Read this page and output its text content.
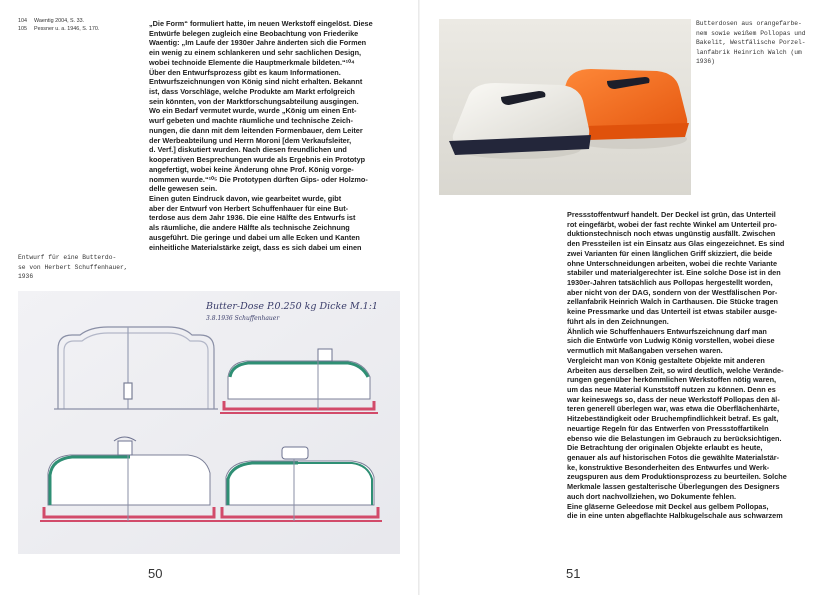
104	Waentig 2004, S. 33.
105	Pessner u. a. 1946, S. 170.
„Die Form“ formuliert hatte, im neuen Werkstoff eingelöst. Diese
Entwürfe belegen zugleich eine Beobachtung von Friederike
Waentig: „Im Laufe der 1930er Jahre änderten sich die Formen
ein wenig zu einem schlankeren und sehr sachlichen Design,
wobei technoide Elemente die Hauptmerkmale bildeten.“¹⁰⁴
Über den Entwurfsprozess gibt es kaum Informationen.
Entwurfszeichnungen von König sind nicht erhalten. Bekannt
ist, dass Vorschläge, welche Produkte am Markt erfolgreich
sein könnten, von der Marktforschungsabteilung ausgingen.
Wo ein Bedarf vermutet wurde, wurde „König um einen Ent-
wurf gebeten und machte räumliche und technische Zeich-
nungen, die dann mit dem leitenden Formenbauer, dem Leiter
der Werbeabteilung und Herrn Moroni [dem Verkaufsleiter,
d. Verf.] diskutiert wurden. Nach diesen freundlichen und
kooperativen Besprechungen wurde als Ergebnis ein Prototyp
angefertigt, wobei keine Änderung ohne Prof. König vorge-
nommen wurde.“¹⁰⁵ Die Prototypen dürften Gips- oder Holzmo-
delle gewesen sein.
Einen guten Eindruck davon, wie gearbeitet wurde, gibt
aber der Entwurf von Herbert Schuffenhauer für eine But-
terdose aus dem Jahr 1936. Die eine Hälfte des Entwurfs ist
als räumliche, die andere Hälfte als technische Zeichnung
ausgeführt. Die geringe und dabei um alle Ecken und Kanten
einheitliche Materialstärke zeigt, dass es sich dabei um einen
Entwurf für eine Butterdo-
se von Herbert Schuffenhauer,
1936
Butter-Dose P.0.250 kg Dicke M.1:1
3.8.1936 Schuffenhauer
50
Butterdosen aus orangefarbe-
nem sowie weißem Pollopas und
Bakelit, Westfälische Porzel-
lanfabrik Heinrich Walch (um
1936)
Pressstoffentwurf handelt. Der Deckel ist grün, das Unterteil
rot eingefärbt, wobei der fast rechte Winkel am Unterteil pro-
duktionstechnisch noch etwas ungünstig ausfällt. Zwischen
den Pressteilen ist ein Einsatz aus Glas eingezeichnet. Es sind
zwei Varianten für einen länglichen Griff skizziert, die beide
ohne Unterschneidungen arbeiten, wobei die rechte Variante
stabiler und materialgerechter ist. Eine solche Dose ist in den
1930er-Jahren tatsächlich aus Pollopas hergestellt worden,
aber nicht von der DAG, sondern von der Westfälischen Por-
zellanfabrik Heinrich Walch in Carthausen. Die Stücke tragen
keine Pressmarke und das Unterteil ist etwas stabiler ausge-
führt als in den Zeichnungen.
Ähnlich wie Schuffenhauers Entwurfszeichnung darf man
sich die Entwürfe von Ludwig König vorstellen, wobei diese
vermutlich mit Maßangaben versehen waren.
Vergleicht man von König gestaltete Objekte mit anderen
Arbeiten aus derselben Zeit, so wird deutlich, welche Verände-
rungen gegenüber herkömmlichen Werkstoffen nötig waren,
um das neue Material Kunststoff nutzen zu können. Denn es
war keineswegs so, dass der neue Werkstoff Pollopas den äl-
teren generell überlegen war, was etwa die Oberflächenhärte,
Hitzebeständigkeit oder Bruchempfindlichkeit betraf. Es galt,
neuartige Regeln für das Entwerfen von Pressstoffartikeln
ebenso wie die Belastungen im Gebrauch zu berücksichtigen.
Die Betrachtung der originalen Objekte erlaubt es heute,
genauer als auf historischen Fotos die gewählte Materialstär-
ke, konstruktive Besonderheiten des Entwurfes und Werk-
zeugspuren aus dem Produktionsprozess zu beurteilen. Solche
Merkmale lassen gestalterische Überlegungen des Designers
auch dort nachvollziehen, wo Dokumente fehlen.
Eine gläserne Geleedose mit Deckel aus gelbem Pollopas,
die in eine unten abgeflachte Halbkugelschale aus schwarzem
51
